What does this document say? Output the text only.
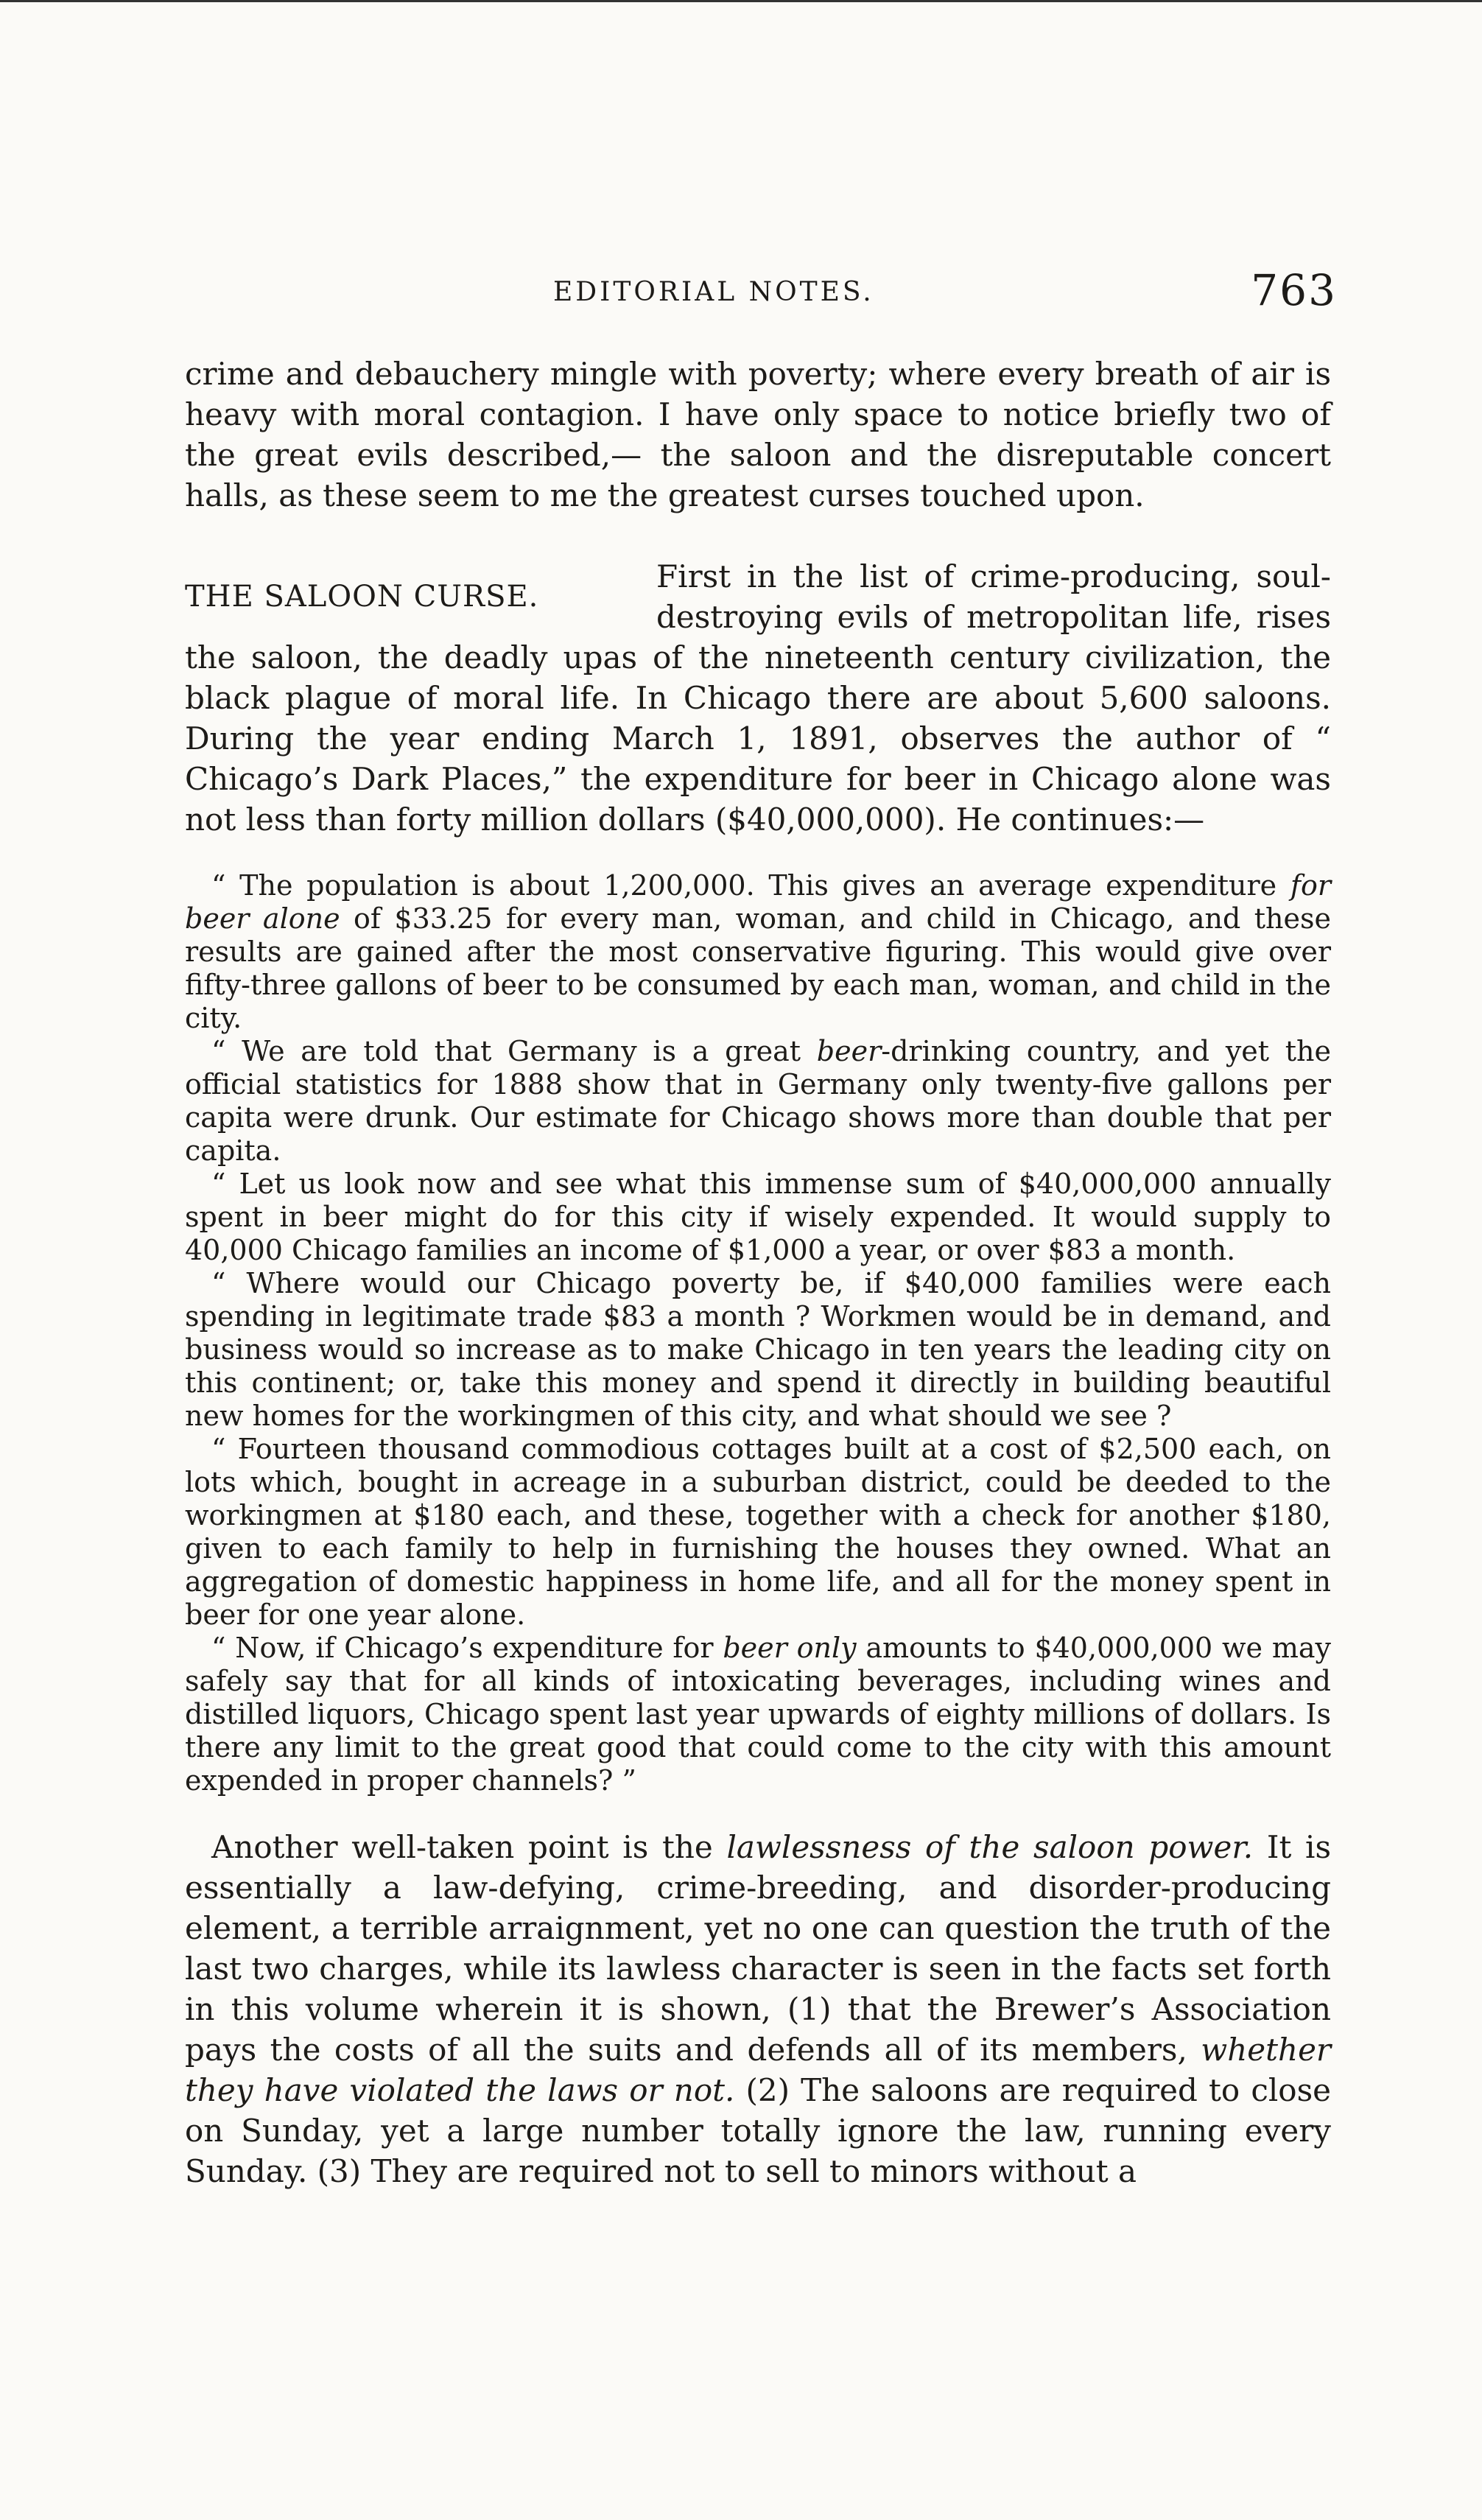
EDITORIAL NOTES.	763

crime and debauchery mingle with poverty; where every breath of air is heavy with moral contagion. I have only space to notice briefly two of the great evils described,— the saloon and the disreputable concert halls, as these seem to me the greatest curses touched upon.

THE SALOON CURSE.

First in the list of crime-producing, soul-destroying evils of metropolitan life, rises the saloon, the deadly upas of the nineteenth century civilization, the black plague of moral life. In Chicago there are about 5,600 saloons. During the year ending March 1, 1891, observes the author of “ Chicago’s Dark Places,” the expenditure for beer in Chicago alone was not less than forty million dollars ($40,000,000). He continues:—

“ The population is about 1,200,000. This gives an average expenditure for beer alone of $33.25 for every man, woman, and child in Chicago, and these results are gained after the most conservative figuring. This would give over fifty-three gallons of beer to be consumed by each man, woman, and child in the city.

“ We are told that Germany is a great beer-drinking country, and yet the official statistics for 1888 show that in Germany only twenty-five gallons per capita were drunk. Our estimate for Chicago shows more than double that per capita.

“ Let us look now and see what this immense sum of $40,000,000 annually spent in beer might do for this city if wisely expended. It would supply to 40,000 Chicago families an income of $1,000 a year, or over $83 a month.

“ Where would our Chicago poverty be, if $40,000 families were each spending in legitimate trade $83 a month ? Workmen would be in demand, and business would so increase as to make Chicago in ten years the leading city on this continent; or, take this money and spend it directly in building beautiful new homes for the workingmen of this city, and what should we see ?

“ Fourteen thousand commodious cottages built at a cost of $2,500 each, on lots which, bought in acreage in a suburban district, could be deeded to the workingmen at $180 each, and these, together with a check for another $180, given to each family to help in furnishing the houses they owned. What an aggregation of domestic happiness in home life, and all for the money spent in beer for one year alone.

“ Now, if Chicago’s expenditure for beer only amounts to $40,000,000 we may safely say that for all kinds of intoxicating beverages, including wines and distilled liquors, Chicago spent last year upwards of eighty millions of dollars. Is there any limit to the great good that could come to the city with this amount expended in proper channels? ”

Another well-taken point is the lawlessness of the saloon power. It is essentially a law-defying, crime-breeding, and disorder-producing element, a terrible arraignment, yet no one can question the truth of the last two charges, while its lawless character is seen in the facts set forth in this volume wherein it is shown, (1) that the Brewer’s Association pays the costs of all the suits and defends all of its members, whether they have violated the laws or not. (2) The saloons are required to close on Sunday, yet a large number totally ignore the law, running every Sunday. (3) They are required not to sell to minors without a
